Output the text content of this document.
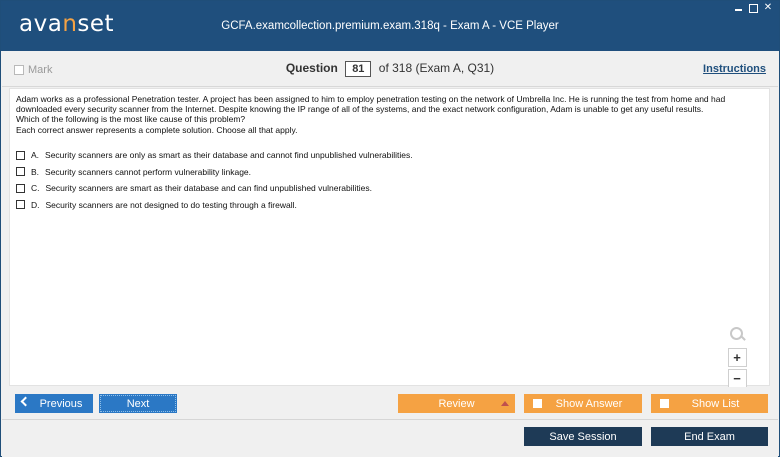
avanset	GCFA.examcollection.premium.exam.318q - Exam A - VCE Player
✕
Mark	Question 81 of 318 (Exam A, Q31)	Instructions
Adam works as a professional Penetration tester. A project has been assigned to him to employ penetration testing on the network of Umbrella Inc. He is running the test from home and had downloaded every security scanner from the Internet. Despite knowing the IP range of all of the systems, and the exact network configuration, Adam is unable to get any useful results.
Which of the following is the most like cause of this problem?
Each correct answer represents a complete solution. Choose all that apply.
A. Security scanners are only as smart as their database and cannot find unpublished vulnerabilities.
B. Security scanners cannot perform vulnerability linkage.
C. Security scanners are smart as their database and can find unpublished vulnerabilities.
D. Security scanners are not designed to do testing through a firewall.
+
−
Previous	Next	Review	Show Answer	Show List
Save Session	End Exam
